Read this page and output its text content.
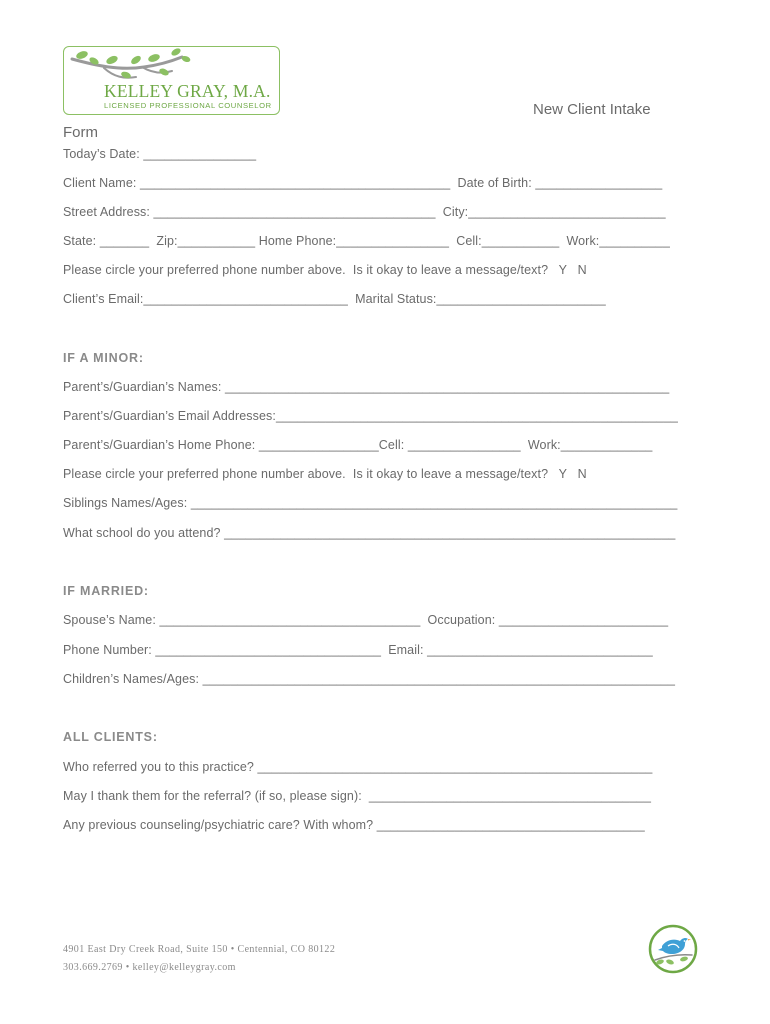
KELLEY GRAY, M.A.
LICENSED PROFESSIONAL COUNSELOR	New Client Intake
Form
Today’s Date: ________________
Client Name: ____________________________________________  Date of Birth: __________________
Street Address: ________________________________________  City:____________________________
State: _______  Zip:___________ Home Phone:________________  Cell:___________  Work:__________
Please circle your preferred phone number above.  Is it okay to leave a message/text?   Y   N
Client’s Email:_____________________________  Marital Status:________________________
IF A MINOR:
Parent’s/Guardian’s Names: _______________________________________________________________
Parent’s/Guardian’s Email Addresses:_________________________________________________________
Parent’s/Guardian’s Home Phone: _________________Cell: ________________  Work:_____________
Please circle your preferred phone number above.  Is it okay to leave a message/text?   Y   N
Siblings Names/Ages: _____________________________________________________________________
What school do you attend? ________________________________________________________________
IF MARRIED:
Spouse’s Name: _____________________________________  Occupation: ________________________
Phone Number: ________________________________  Email: ________________________________
Children’s Names/Ages: ___________________________________________________________________
ALL CLIENTS:
Who referred you to this practice? ________________________________________________________
May I thank them for the referral? (if so, please sign):  ________________________________________
Any previous counseling/psychiatric care? With whom? ______________________________________
4901 East Dry Creek Road, Suite 150 • Centennial, CO 80122
303.669.2769 • kelley@kelleygray.com
